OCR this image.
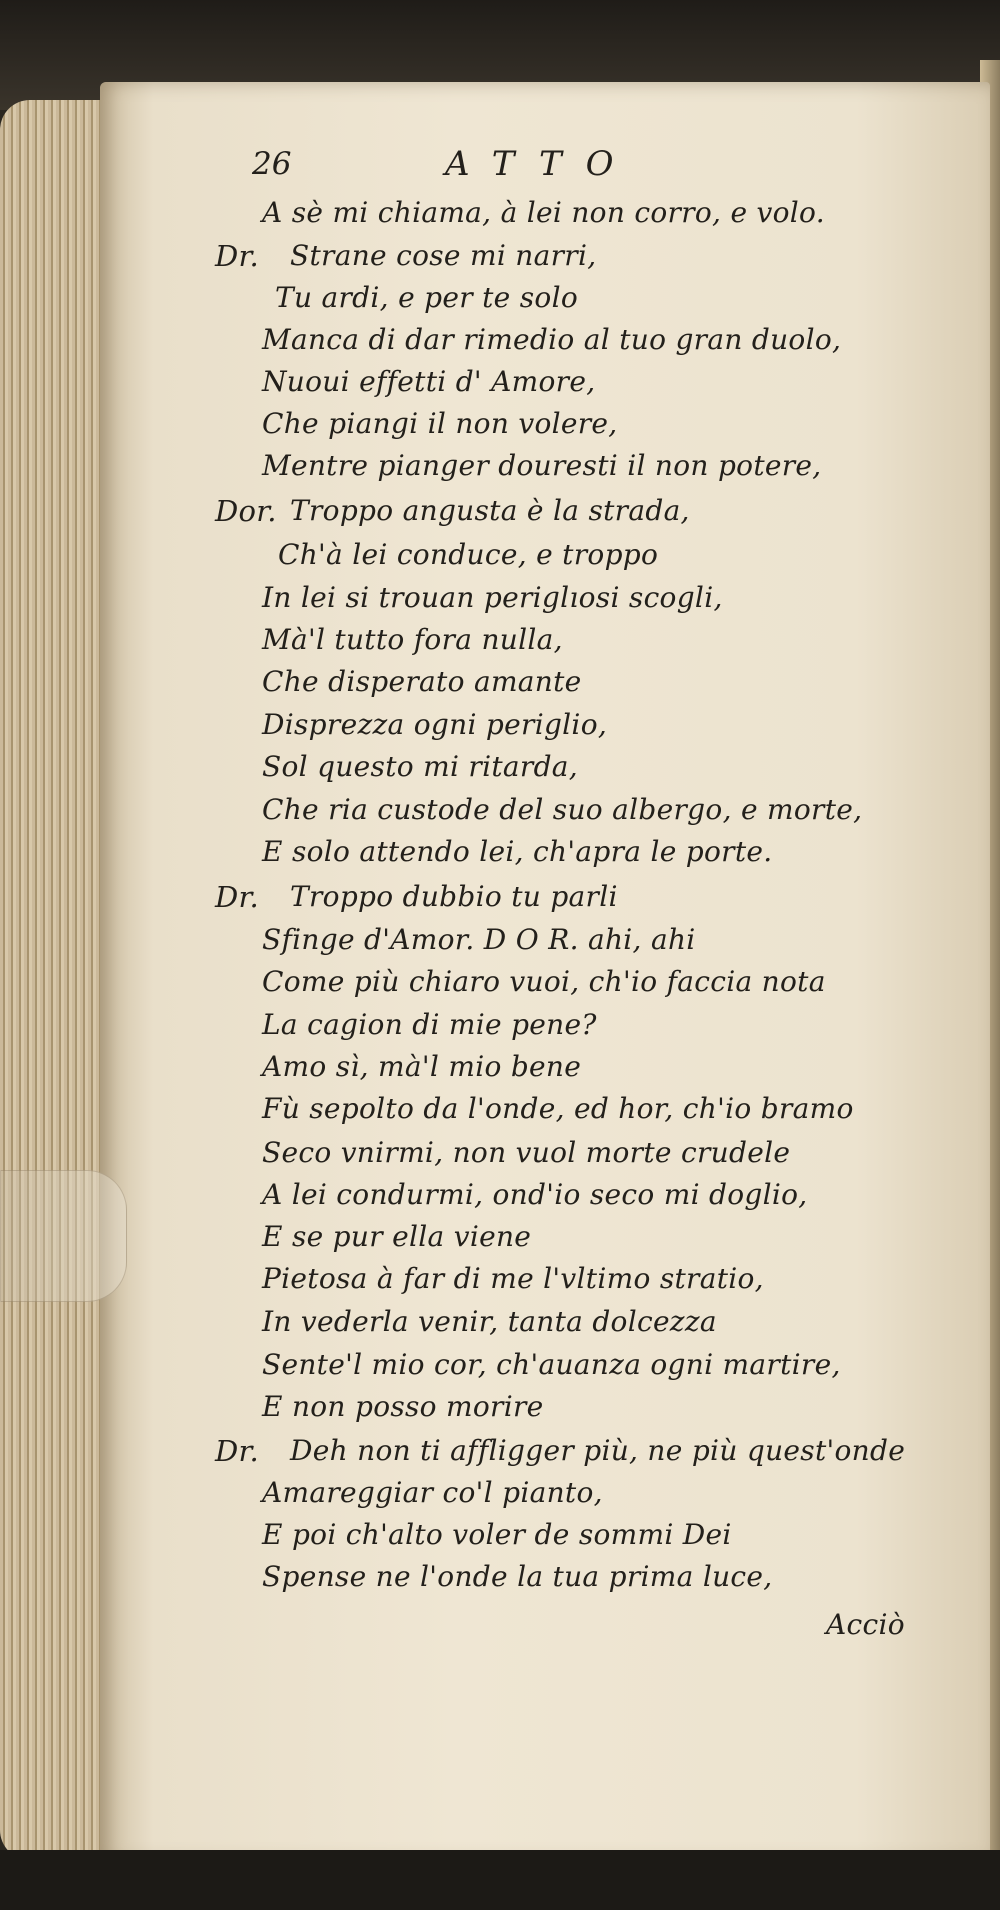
26	ATTO
A sè mi chiama, à lei non corro, e volo.
Dr. Strane cose mi narri,
Tu ardi, e per te solo
Manca di dar rimedio al tuo gran duolo,
Nuoui effetti d' Amore,
Che piangi il non volere,
Mentre pianger douresti il non potere,
Dor. Troppo angusta è la strada,
Ch'à lei conduce, e troppo
In lei si trouan periglıosi scogli,
Mà'l tutto fora nulla,
Che disperato amante
Disprezza ogni periglio,
Sol questo mi ritarda,
Che ria custode del suo albergo, e morte,
E solo attendo lei, ch'apra le porte.
Dr. Troppo dubbio tu parli
Sfinge d'Amor. D O R. ahi, ahi
Come più chiaro vuoi, ch'io faccia nota
La cagion di mie pene?
Amo sì, mà'l mio bene
Fù sepolto da l'onde, ed hor, ch'io bramo
Seco vnirmi, non vuol morte crudele
A lei condurmi, ond'io seco mi doglio,
E se pur ella viene
Pietosa à far di me l'vltimo stratio,
In vederla venir, tanta dolcezza
Sente'l mio cor, ch'auanza ogni martire,
E non posso morire
Dr. Deh non ti affligger più, ne più quest'onde
Amareggiar co'l pianto,
E poi ch'alto voler de sommi Dei
Spense ne l'onde la tua prima luce,
Acciò
